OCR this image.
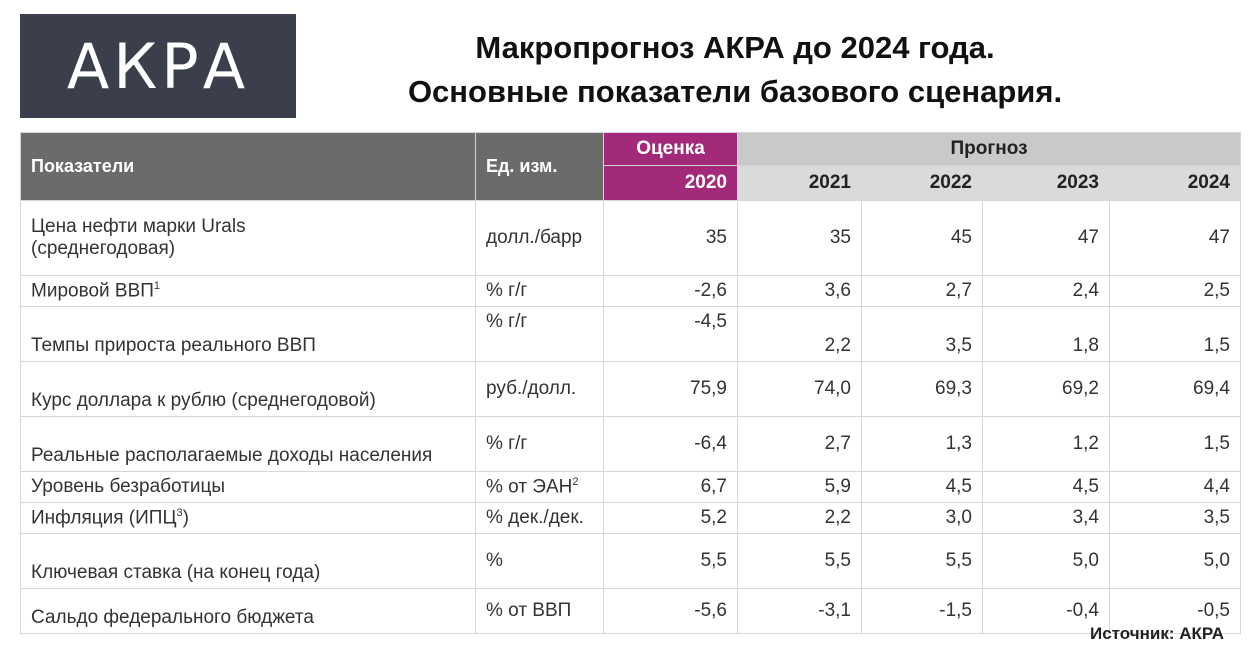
АКРА	Макропрогноз АКРА до 2024 года.
Основные показатели базового сценария.
Показатели	Ед. изм.	Оценка	Прогноз			
		2020	2021	2022	2023	2024

Цена нефти марки Urals
(среднегодовая)	долл./барр	35	35	45	47	47
Мировой ВВП$^1$	% г/г	-2,6	3,6	2,7	2,4	2,5
Темпы прироста реального ВВП	% г/г	-4,5	2,2	3,5	1,8	1,5
Курс доллара к рублю (среднегодовой)	руб./долл.	75,9	74,0	69,3	69,2	69,4
Реальные располагаемые доходы населения	% г/г	-6,4	2,7	1,3	1,2	1,5
Уровень безработицы	% от ЭАН$^2$	6,7	5,9	4,5	4,5	4,4
Инфляция (ИПЦ$^3$)	% дек./дек.	5,2	2,2	3,0	3,4	3,5
Ключевая ставка (на конец года)	%	5,5	5,5	5,5	5,0	5,0
Сальдо федерального бюджета	% от ВВП	-5,6	-3,1	-1,5	-0,4	-0,5
Источник: АКРА
